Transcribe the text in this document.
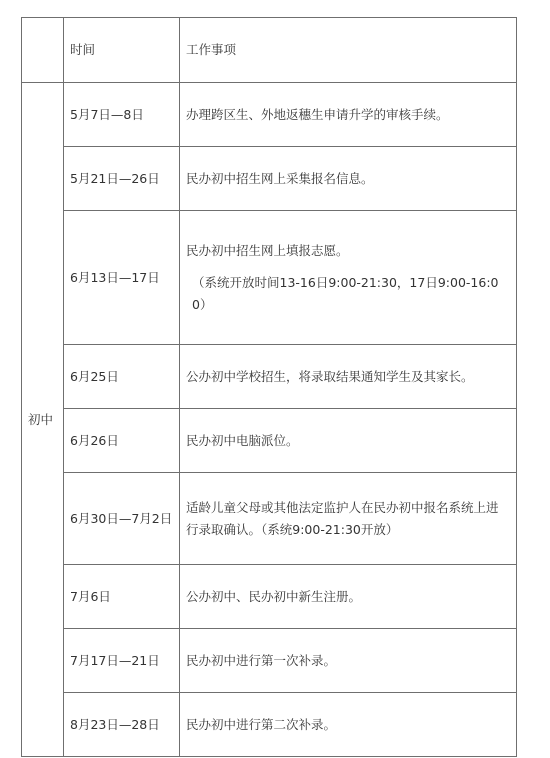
	时间	工作事项
初中	5月7日—8日	办理跨区生、外地返穗生申请升学的审核手续。
	5月21日—26日	民办初中招生网上采集报名信息。
	6月13日—17日	民办初中招生网上填报志愿。
（系统开放时间13-16日9:00-21:30，17日9:00-16:00）

	6月25日	公办初中学校招生，将录取结果通知学生及其家长。
	6月26日	民办初中电脑派位。
	6月30日—7月2日	适龄儿童父母或其他法定监护人在民办初中报名系统上进行录取确认。（系统9:00-21:30开放）
	7月6日	公办初中、民办初中新生注册。
	7月17日—21日	民办初中进行第一次补录。
	8月23日—28日	民办初中进行第二次补录。
